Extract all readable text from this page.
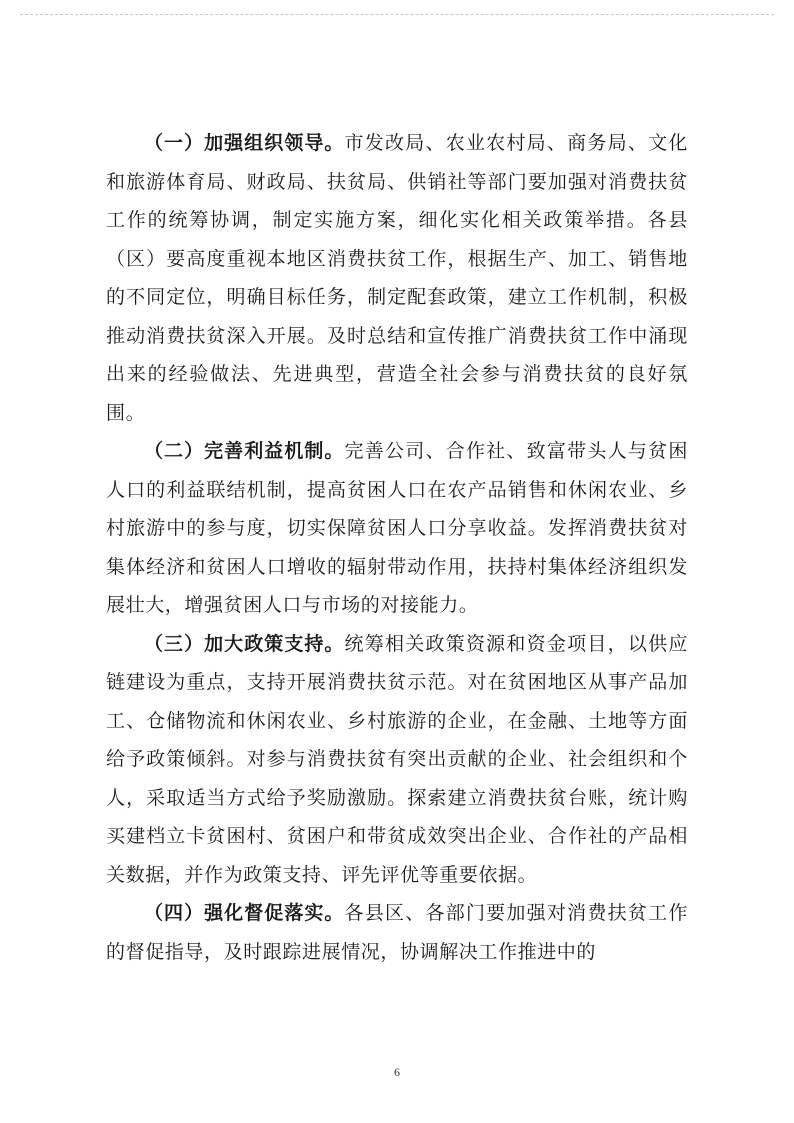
（一）加强组织领导。市发改局、农业农村局、商务局、文化和旅游体育局、财政局、扶贫局、供销社等部门要加强对消费扶贫工作的统筹协调，制定实施方案，细化实化相关政策举措。各县（区）要高度重视本地区消费扶贫工作，根据生产、加工、销售地的不同定位，明确目标任务，制定配套政策，建立工作机制，积极推动消费扶贫深入开展。及时总结和宣传推广消费扶贫工作中涌现出来的经验做法、先进典型，营造全社会参与消费扶贫的良好氛围。

（二）完善利益机制。完善公司、合作社、致富带头人与贫困人口的利益联结机制，提高贫困人口在农产品销售和休闲农业、乡村旅游中的参与度，切实保障贫困人口分享收益。发挥消费扶贫对集体经济和贫困人口增收的辐射带动作用，扶持村集体经济组织发展壮大，增强贫困人口与市场的对接能力。

（三）加大政策支持。统筹相关政策资源和资金项目，以供应链建设为重点，支持开展消费扶贫示范。对在贫困地区从事产品加工、仓储物流和休闲农业、乡村旅游的企业，在金融、土地等方面给予政策倾斜。对参与消费扶贫有突出贡献的企业、社会组织和个人，采取适当方式给予奖励激励。探索建立消费扶贫台账，统计购买建档立卡贫困村、贫困户和带贫成效突出企业、合作社的产品相关数据，并作为政策支持、评先评优等重要依据。

（四）强化督促落实。各县区、各部门要加强对消费扶贫工作的督促指导，及时跟踪进展情况，协调解决工作推进中的

6
